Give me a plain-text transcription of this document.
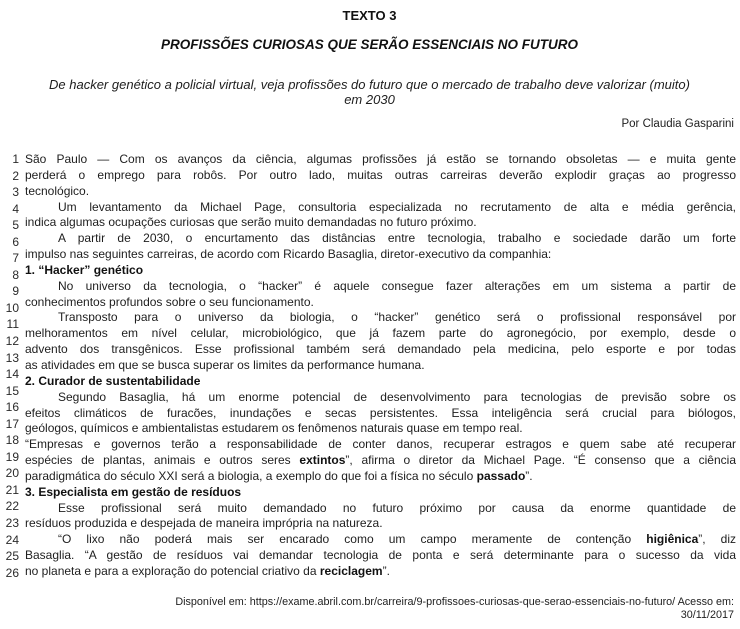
TEXTO 3
PROFISSÕES CURIOSAS QUE SERÃO ESSENCIAIS NO FUTURO
De hacker genético a policial virtual, veja profissões do futuro que o mercado de trabalho deve valorizar (muito)
em 2030
Por Claudia Gasparini
1
2
3
4
5
6
7
8
9
10
11
12
13
14
15
16
17
18
19
20
21
22
23
24
25
26
São Paulo — Com os avanços da ciência, algumas profissões já estão se tornando obsoletas — e muita gente
perderá o emprego para robôs. Por outro lado, muitas outras carreiras deverão explodir graças ao progresso
tecnológico.
Um levantamento da Michael Page, consultoria especializada no recrutamento de alta e média gerência,
indica algumas ocupações curiosas que serão muito demandadas no futuro próximo.
A partir de 2030, o encurtamento das distâncias entre tecnologia, trabalho e sociedade darão um forte
impulso nas seguintes carreiras, de acordo com Ricardo Basaglia, diretor-executivo da companhia:
1. “Hacker” genético
No universo da tecnologia, o “hacker” é aquele consegue fazer alterações em um sistema a partir de
conhecimentos profundos sobre o seu funcionamento.
Transposto para o universo da biologia, o “hacker” genético será o profissional responsável por
melhoramentos em nível celular, microbiológico, que já fazem parte do agronegócio, por exemplo, desde o
advento dos transgênicos. Esse profissional também será demandado pela medicina, pelo esporte e por todas
as atividades em que se busca superar os limites da performance humana.
2. Curador de sustentabilidade
Segundo Basaglia, há um enorme potencial de desenvolvimento para tecnologias de previsão sobre os
efeitos climáticos de furacões, inundações e secas persistentes. Essa inteligência será crucial para biólogos,
geólogos, químicos e ambientalistas estudarem os fenômenos naturais quase em tempo real.
“Empresas e governos terão a responsabilidade de conter danos, recuperar estragos e quem sabe até recuperar
espécies de plantas, animais e outros seres extintos”, afirma o diretor da Michael Page. “É consenso que a ciência
paradigmática do século XXI será a biologia, a exemplo do que foi a física no século passado”.
3. Especialista em gestão de resíduos
Esse profissional será muito demandado no futuro próximo por causa da enorme quantidade de
resíduos produzida e despejada de maneira imprópria na natureza.
“O lixo não poderá mais ser encarado como um campo meramente de contenção higiênica”, diz
Basaglia. “A gestão de resíduos vai demandar tecnologia de ponta e será determinante para o sucesso da vida
no planeta e para a exploração do potencial criativo da reciclagem”.
Disponível em: https://exame.abril.com.br/carreira/9-profissoes-curiosas-que-serao-essenciais-no-futuro/ Acesso em:
30/11/2017
